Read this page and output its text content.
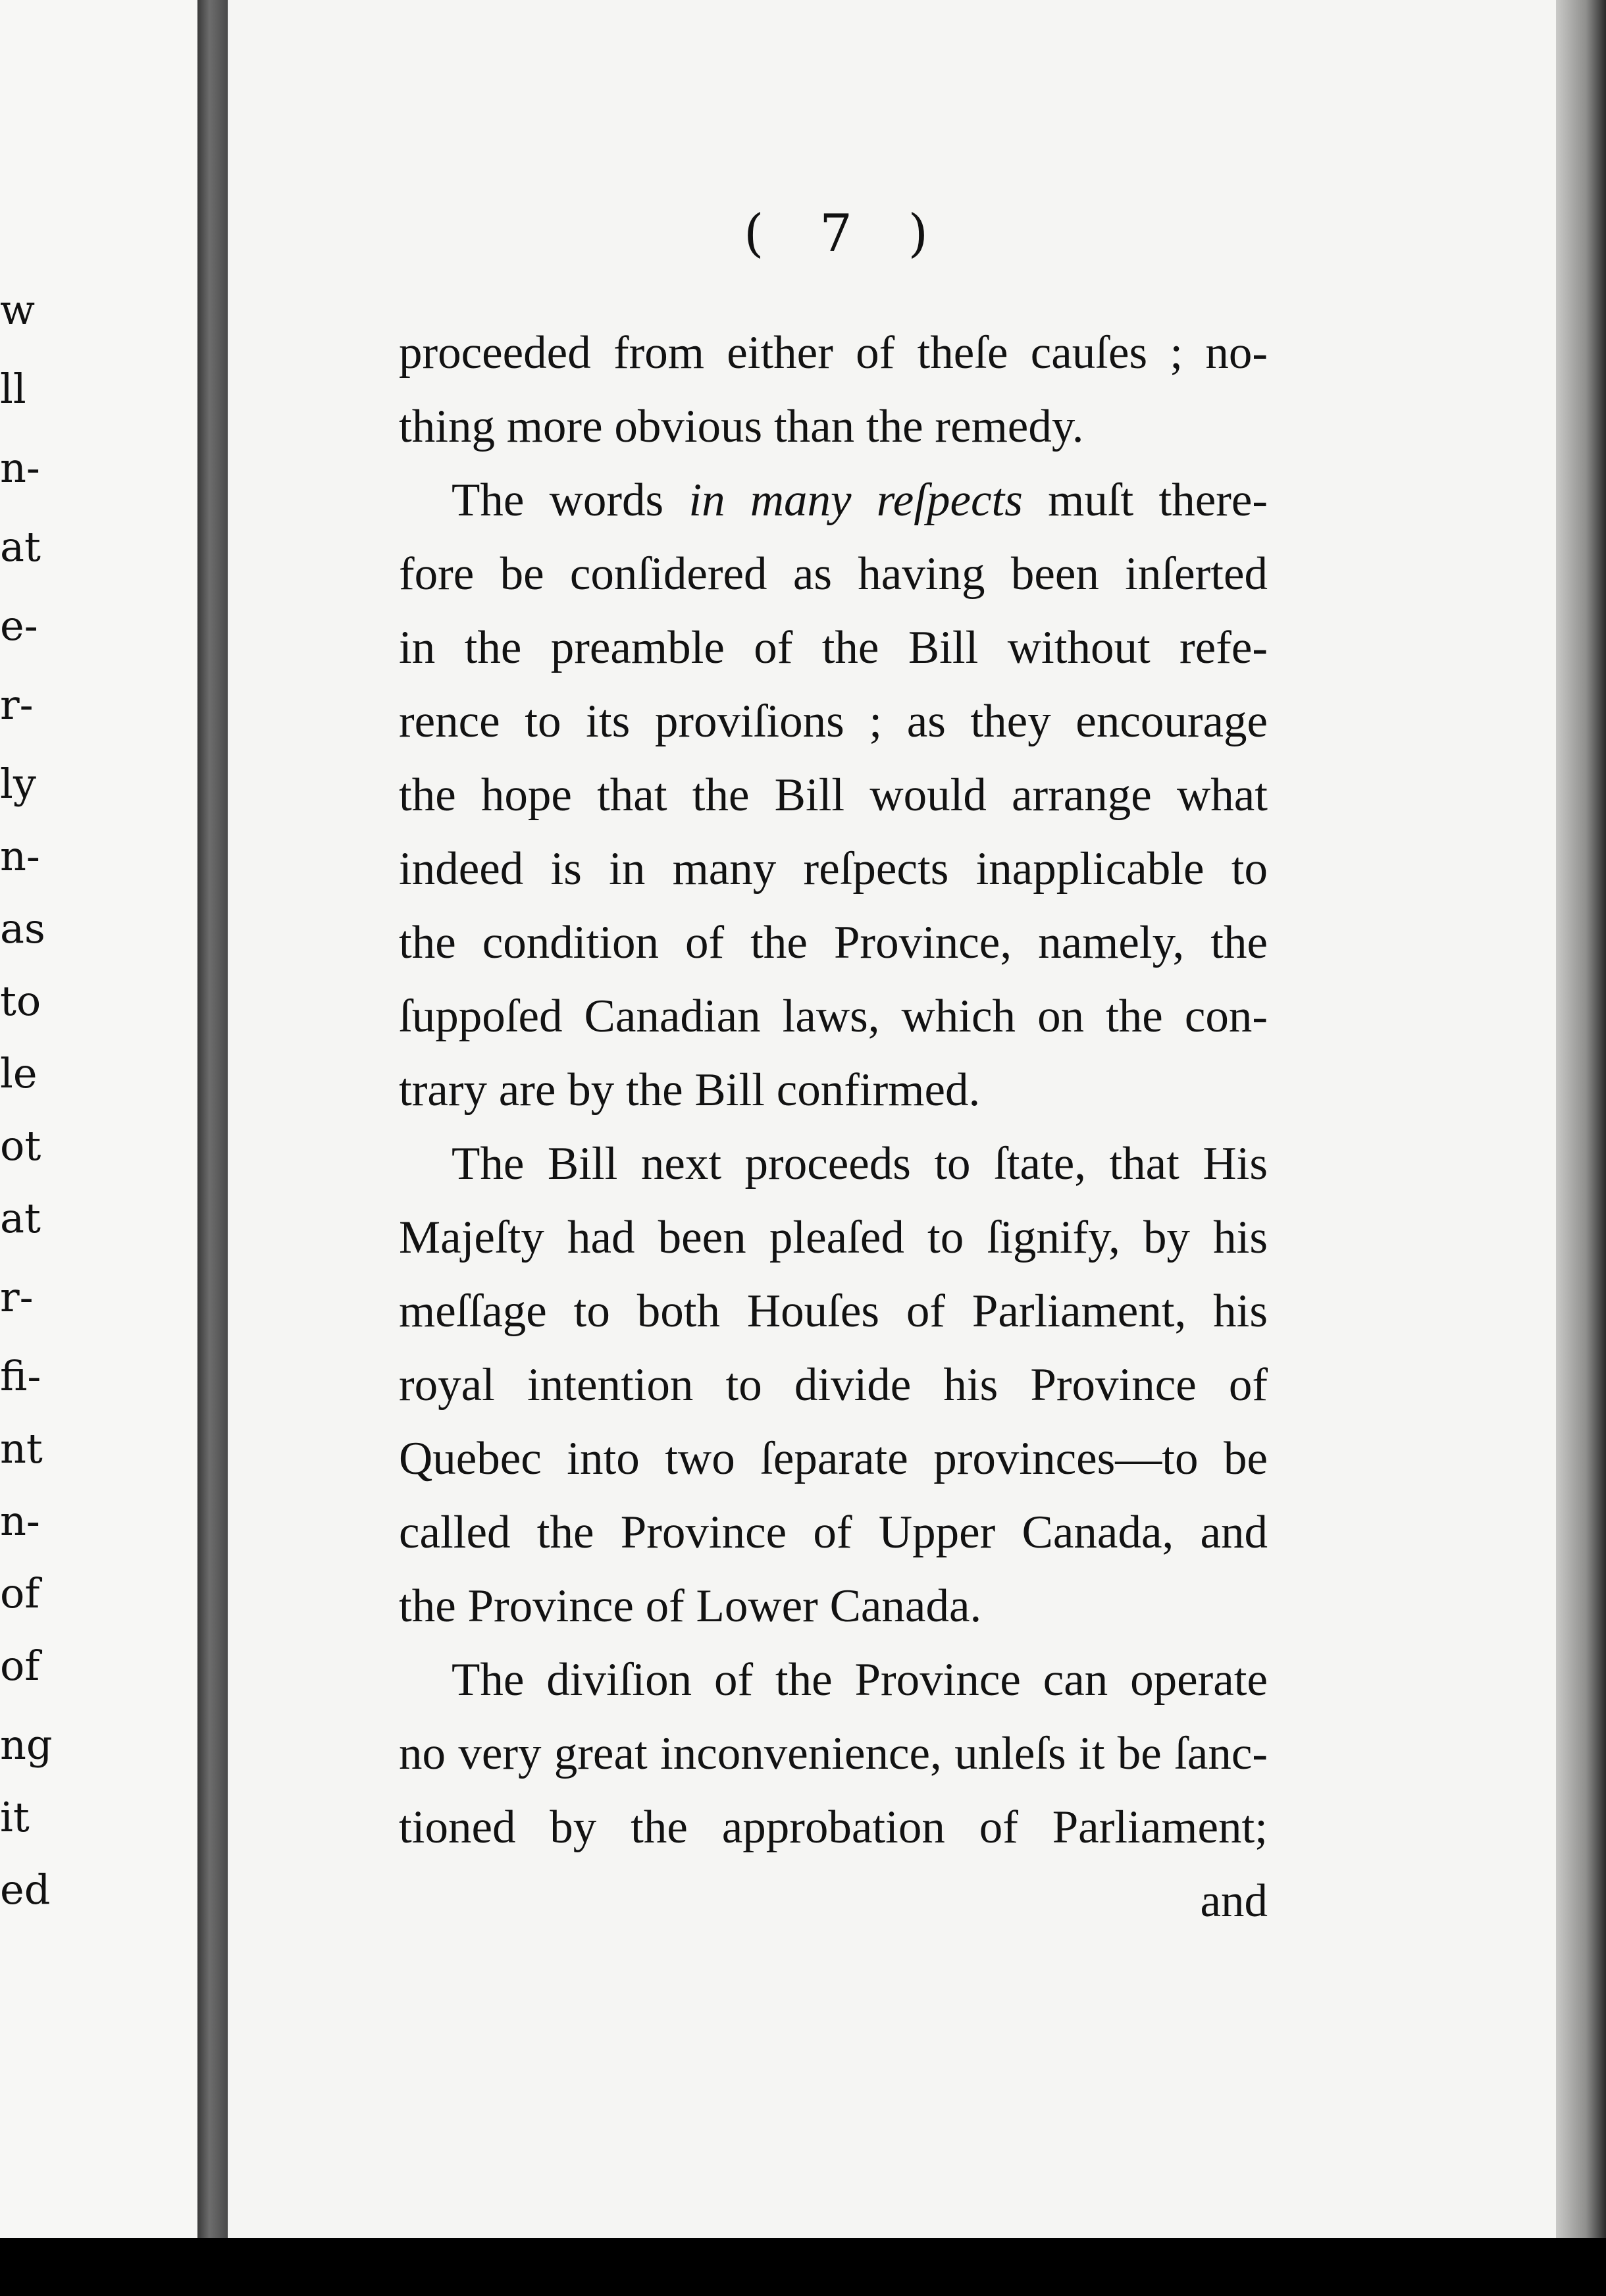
w
ll
n-
at
e-
r-
ly
n-
as
to
le
ot
at
r-
fi-
nt
n-
of
of
ng
it
ed
( 7 )
proceeded from either of theſe cauſes ; no-
thing more obvious than the remedy.
The words in many reſpects muſt there-
fore be conſidered as having been inſerted
in the preamble of the Bill without refe-
rence to its proviſions ; as they encourage
the hope that the Bill would arrange what
indeed is in many reſpects inapplicable to
the condition of the Province, namely, the
ſuppoſed Canadian laws, which on the con-
trary are by the Bill confirmed.
The Bill next proceeds to ſtate, that His
Majeſty had been pleaſed to ſignify, by his
meſſage to both Houſes of Parliament, his
royal intention to divide his Province of
Quebec into two ſeparate provinces—to be
called the Province of Upper Canada, and
the Province of Lower Canada.
The diviſion of the Province can operate
no very great inconvenience, unleſs it be ſanc-
tioned by the approbation of Parliament;
and
